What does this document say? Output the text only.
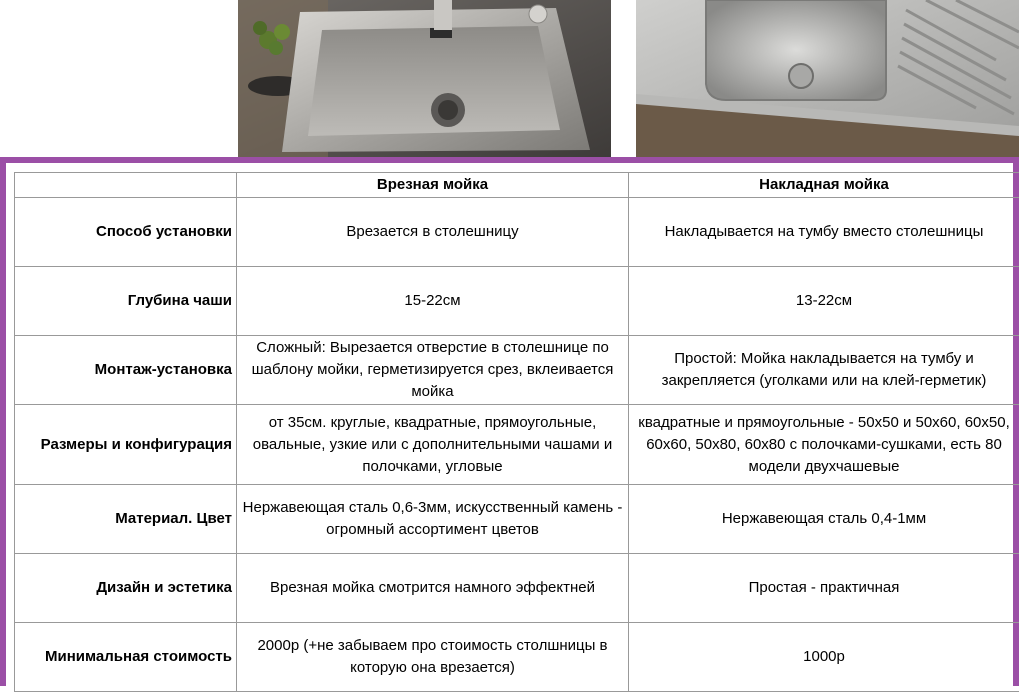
	Врезная мойка	Накладная мойка
Способ установки	Врезается в столешницу	Накладывается на тумбу вместо столешницы
Глубина чаши	15-22см	13-22см
Монтаж-установка	Сложный: Вырезается отверстие в столешнице по шаблону мойки, герметизируется срез, вклеивается мойка	Простой: Мойка накладывается на тумбу и закрепляется (уголками или на клей-герметик)
Размеры и конфигурация	от 35см. круглые, квадратные, прямоугольные, овальные, узкие или с дополнительными чашами и полочками, угловые	квадратные и прямоугольные - 50х50 и 50х60, 60х50, 60х60, 50х80, 60х80 с полочками-сушками, есть 80 модели двухчашевые
Материал. Цвет	Нержавеющая сталь 0,6-3мм, искусственный камень - огромный ассортимент цветов	Нержавеющая сталь 0,4-1мм
Дизайн и эстетика	Врезная мойка смотрится намного эффектней	Простая - практичная
Минимальная стоимость	2000р (+не забываем про стоимость столшницы в которую она врезается)	1000р
